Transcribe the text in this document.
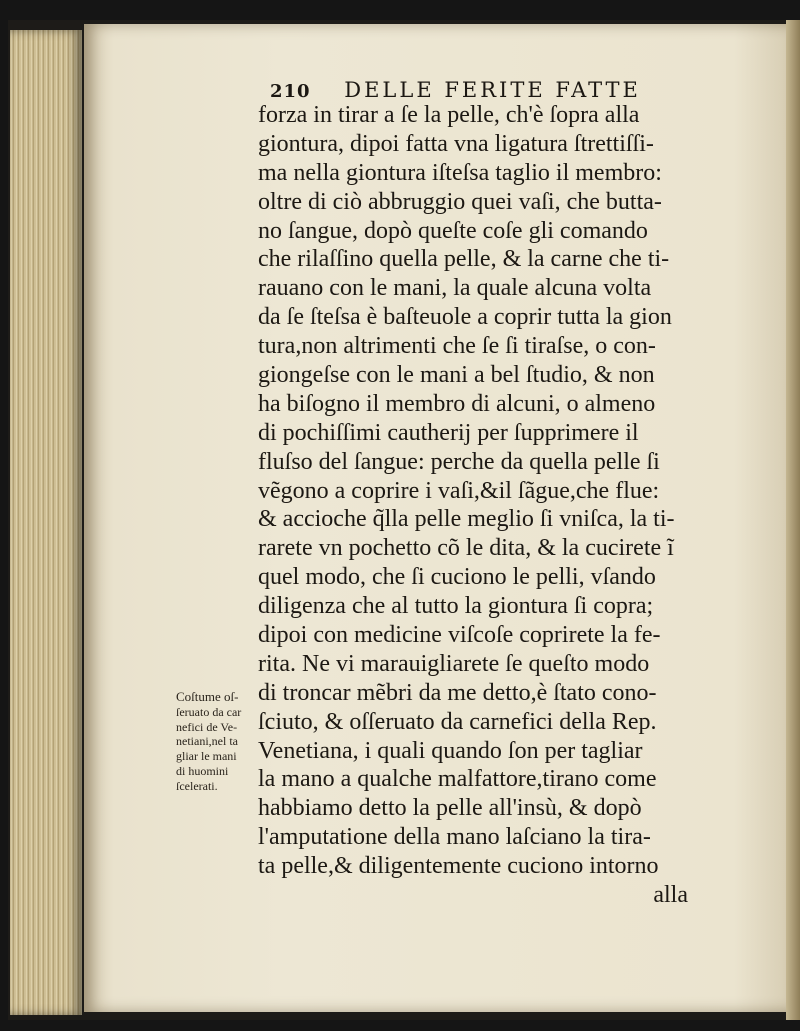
210 DELLE FERITE FATTE
forza in tirar a ſe la pelle, ch'è ſopra alla
giontura, dipoi fatta vna ligatura ſtrettiſſi-
ma nella giontura iſteſsa taglio il membro:
oltre di ciò abbruggio quei vaſi, che butta-
no ſangue, dopò queſte coſe gli comando
che rilaſſino quella pelle, & la carne che ti-
rauano con le mani, la quale alcuna volta
da ſe ſteſsa è baſteuole a coprir tutta la gion
tura,non altrimenti che ſe ſi tiraſse, o con-
giongeſse con le mani a bel ſtudio, & non
ha biſogno il membro di alcuni, o almeno
di pochiſſimi cautherij per ſupprimere il
fluſso del ſangue: perche da quella pelle ſi
vẽgono a coprire i vaſi,&il ſãgue,che flue:
& accioche q̃lla pelle meglio ſi vniſca, la ti-
rarete vn pochetto cõ le dita, & la cucirete ĩ
quel modo, che ſi cuciono le pelli, vſando
diligenza che al tutto la giontura ſi copra;
dipoi con medicine viſcoſe coprirete la fe-
rita. Ne vi marauigliarete ſe queſto modo
di troncar mẽbri da me detto,è ſtato cono-
ſciuto, & oſſeruato da carnefici della Rep.
Venetiana, i quali quando ſon per tagliar
la mano a qualche malfattore,tirano come
habbiamo detto la pelle all'insù, & dopò
l'amputatione della mano laſciano la tira-
ta pelle,& diligentemente cuciono intorno
alla
Coſtume oſ-
ſeruato da car
nefici de Ve-
netiani,nel ta
gliar le mani
di huomini
ſcelerati.
